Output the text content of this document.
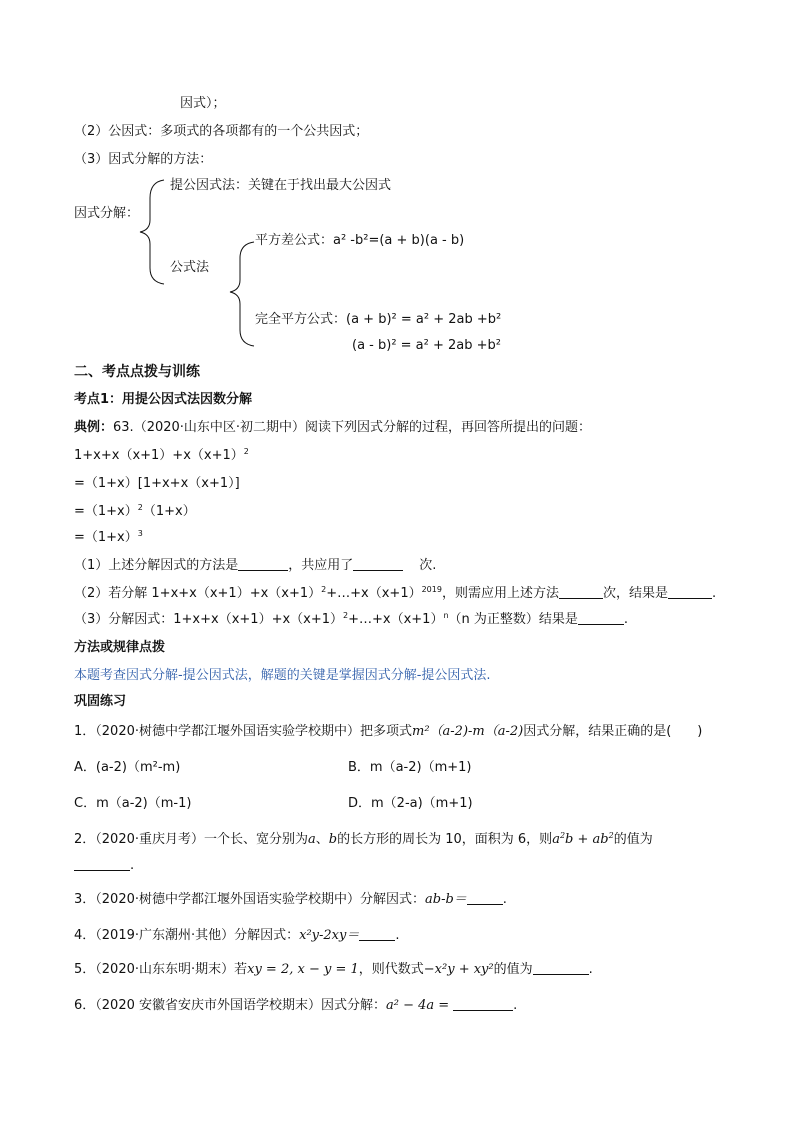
因式）；
（2）公因式：多项式的各项都有的一个公共因式；
（3）因式分解的方法：
因式分解：
提公因式法：关键在于找出最大公因式
公式法
平方差公式：a² -b²=(a + b)(a - b)
完全平方公式：(a + b)² = a² + 2ab +b²
(a - b)² = a² + 2ab +b²
二、考点点拨与训练
考点1：用提公因式法因数分解
典例：63.（2020·山东中区·初二期中）阅读下列因式分解的过程，再回答所提出的问题：
$1+x+x(x+1)+x(x+1)^2$
=（1+x）[1+x+x（x+1）]
$=(1+x)^2(1+x)$
$=(1+x)^3$
（1）上述分解因式的方法是	，共应用了	次.
（2）若分解 $1+x+x(x+1)+x(x+1)^2+\dots+x(x+1)^{2019}$，则需应用上述方法	次，结果是	.
（3）分解因式：$1+x+x(x+1)+x(x+1)^2+\dots+x(x+1)^n(n$ 为正整数）结果是	.
方法或规律点拨
本题考查因式分解-提公因式法，解题的关键是掌握因式分解-提公因式法.
巩固练习
1．（2020·树德中学都江堰外国语实验学校期中）把多项式m²（a-2)-m（a-2)因式分解，结果正确的是(　　)
A．(a-2)（m²-m)	B．m（a-2)（m+1)
C．m（a-2)（m-1)	D．m（2-a)（m+1)
2．（2020·重庆月考）一个长、宽分别为a、b的长方形的周长为 10，面积为 6，则$a^2b + ab^2$的值为
.
3．（2020·树德中学都江堰外国语实验学校期中）分解因式：ab-b＝	.
4．（2019·广东潮州·其他）分解因式：x²y-2xy＝	.
5．（2020·山东东明·期末）若xy = 2, x − y = 1，则代数式−x²y + xy²的值为	.
6．（2020 安徽省安庆市外国语学校期末）因式分解：a² − 4a =	.
